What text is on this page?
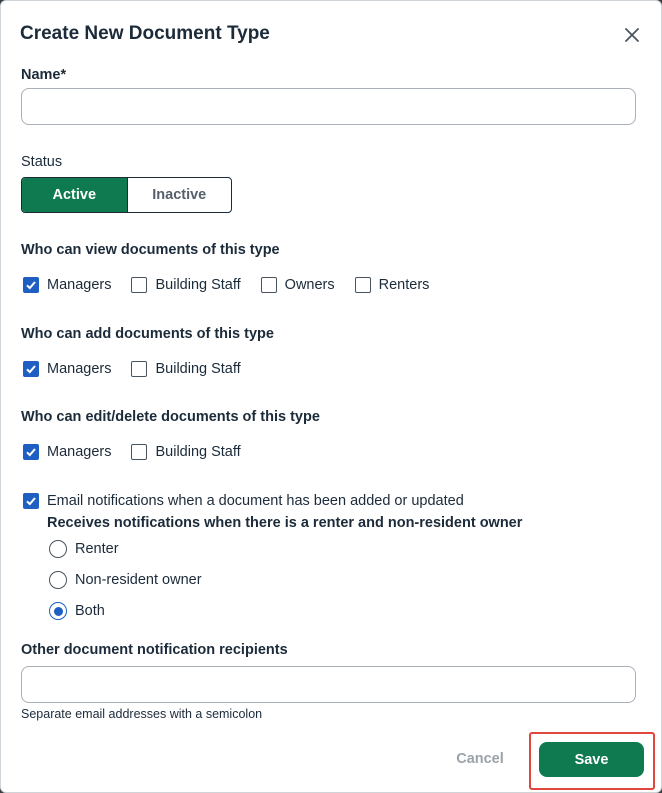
Create New Document Type
Name*
Status
Active	Inactive
Who can view documents of this type
Managers	Building Staff	Owners	Renters
Who can add documents of this type
Managers	Building Staff
Who can edit/delete documents of this type
Managers	Building Staff
Email notifications when a document has been added or updated
Receives notifications when there is a renter and non-resident owner
Renter
Non-resident owner
Both
Other document notification recipients
Separate email addresses with a semicolon
Cancel	Save
